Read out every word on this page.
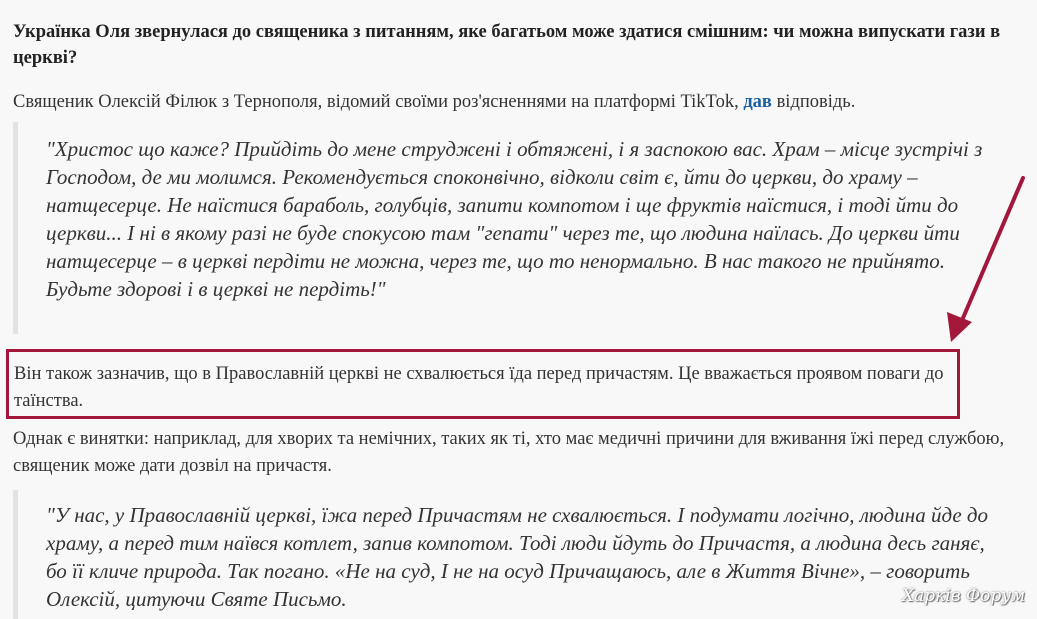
Українка Оля звернулася до священика з питанням, яке багатьом може здатися смішним: чи можна випускати гази в церкві?

Священик Олексій Філюк з Тернополя, відомий своїми роз'ясненнями на платформі TikTok, дав відповідь.

"Христос що каже? Прийдіть до мене струджені і обтяжені, і я заспокою вас. Храм – місце зустрічі з Господом, де ми молимся. Рекомендується споконвічно, відколи світ є, йти до церкви, до храму – натщесерце. Не наїстися бараболь, голубців, запити компотом і ще фруктів наїстися, і тоді йти до церкви... І ні в якому разі не буде спокусою там "гепати" через те, що людина наїлась. До церкви йти натщесерце – в церкві пердіти не можна, через те, що то ненормально. В нас такого не прийнято. Будьте здорові і в церкві не пердіть!"

Він також зазначив, що в Православній церкві не схвалюється їда перед причастям. Це вважається проявом поваги до таїнства.

Однак є винятки: наприклад, для хворих та немічних, таких як ті, хто має медичні причини для вживання їжі перед службою, священик може дати дозвіл на причастя.

"У нас, у Православній церкві, їжа перед Причастям не схвалюється. І подумати логічно, людина йде до храму, а перед тим наївся котлет, запив компотом. Тоді люди йдуть до Причастя, а людина десь ганяє, бо її кличе природа. Так погано. «Не на суд, І не на осуд Причащаюсь, але в Життя Вічне», – говорить Олексій, цитуючи Святе Письмо.	Харків Форум
